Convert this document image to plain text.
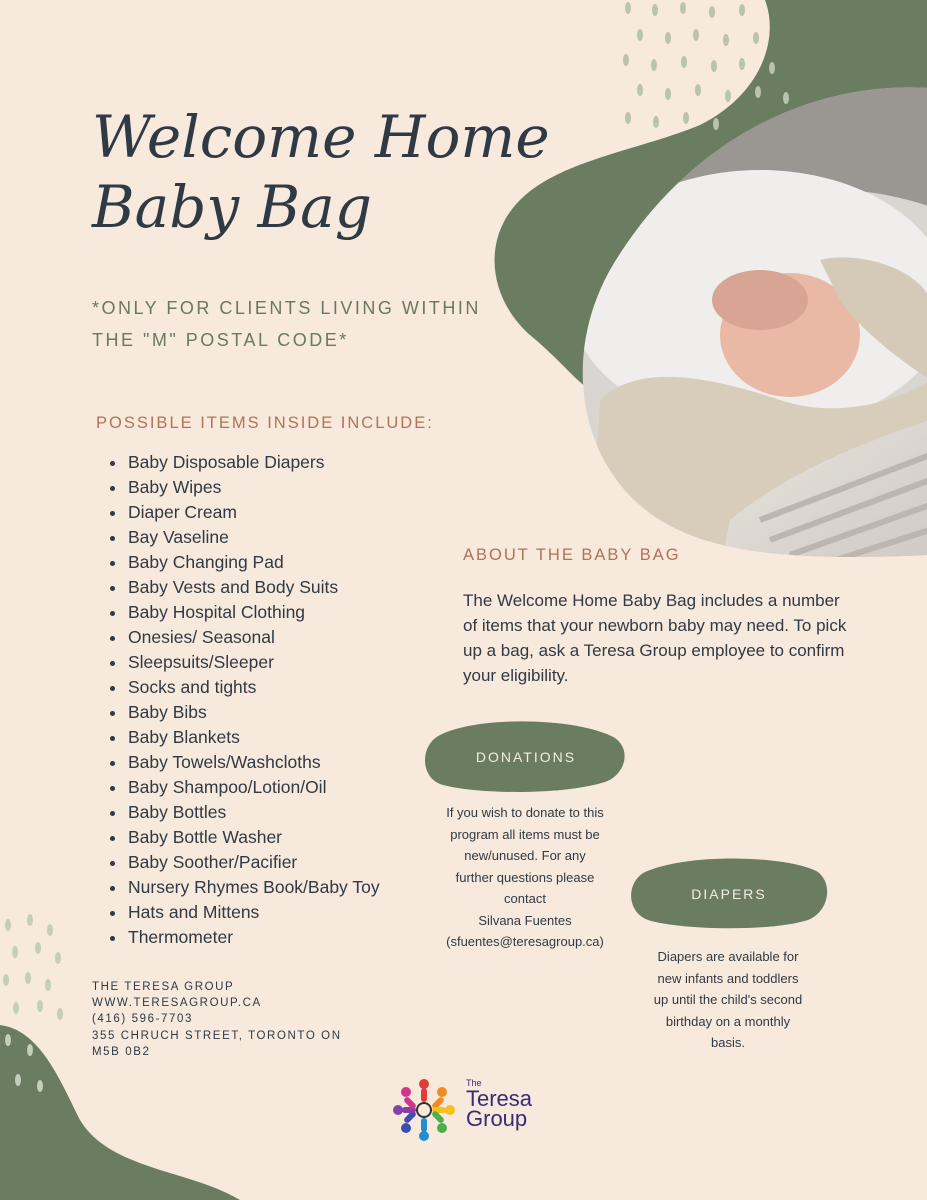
Welcome Home
Baby Bag
*ONLY FOR CLIENTS LIVING WITHIN
THE "M" POSTAL CODE*
POSSIBLE ITEMS INSIDE INCLUDE:
Baby Disposable Diapers
Baby Wipes
Diaper Cream
Bay Vaseline
Baby Changing Pad
Baby Vests and Body Suits
Baby Hospital Clothing
Onesies/ Seasonal
Sleepsuits/Sleeper
Socks and tights
Baby Bibs
Baby Blankets
Baby Towels/Washcloths
Baby Shampoo/Lotion/Oil
Baby Bottles
Baby Bottle Washer
Baby Soother/Pacifier
Nursery Rhymes Book/Baby Toy
Hats and Mittens
Thermometer
ABOUT THE BABY BAG
The Welcome Home Baby Bag includes a number of items that your newborn baby may need. To pick up a bag, ask a Teresa Group employee to confirm your eligibility.
DONATIONS
If you wish to donate to this
program all items must be
new/unused. For any
further questions please
contact
Silvana Fuentes
(sfuentes@teresagroup.ca)
DIAPERS
Diapers are available for
new infants and toddlers
up until the child's second
birthday on a monthly
basis.
THE TERESA GROUP
WWW.TERESAGROUP.CA
(416) 596-7703
355 CHRUCH STREET, TORONTO ON
M5B 0B2
The
Teresa
Group
